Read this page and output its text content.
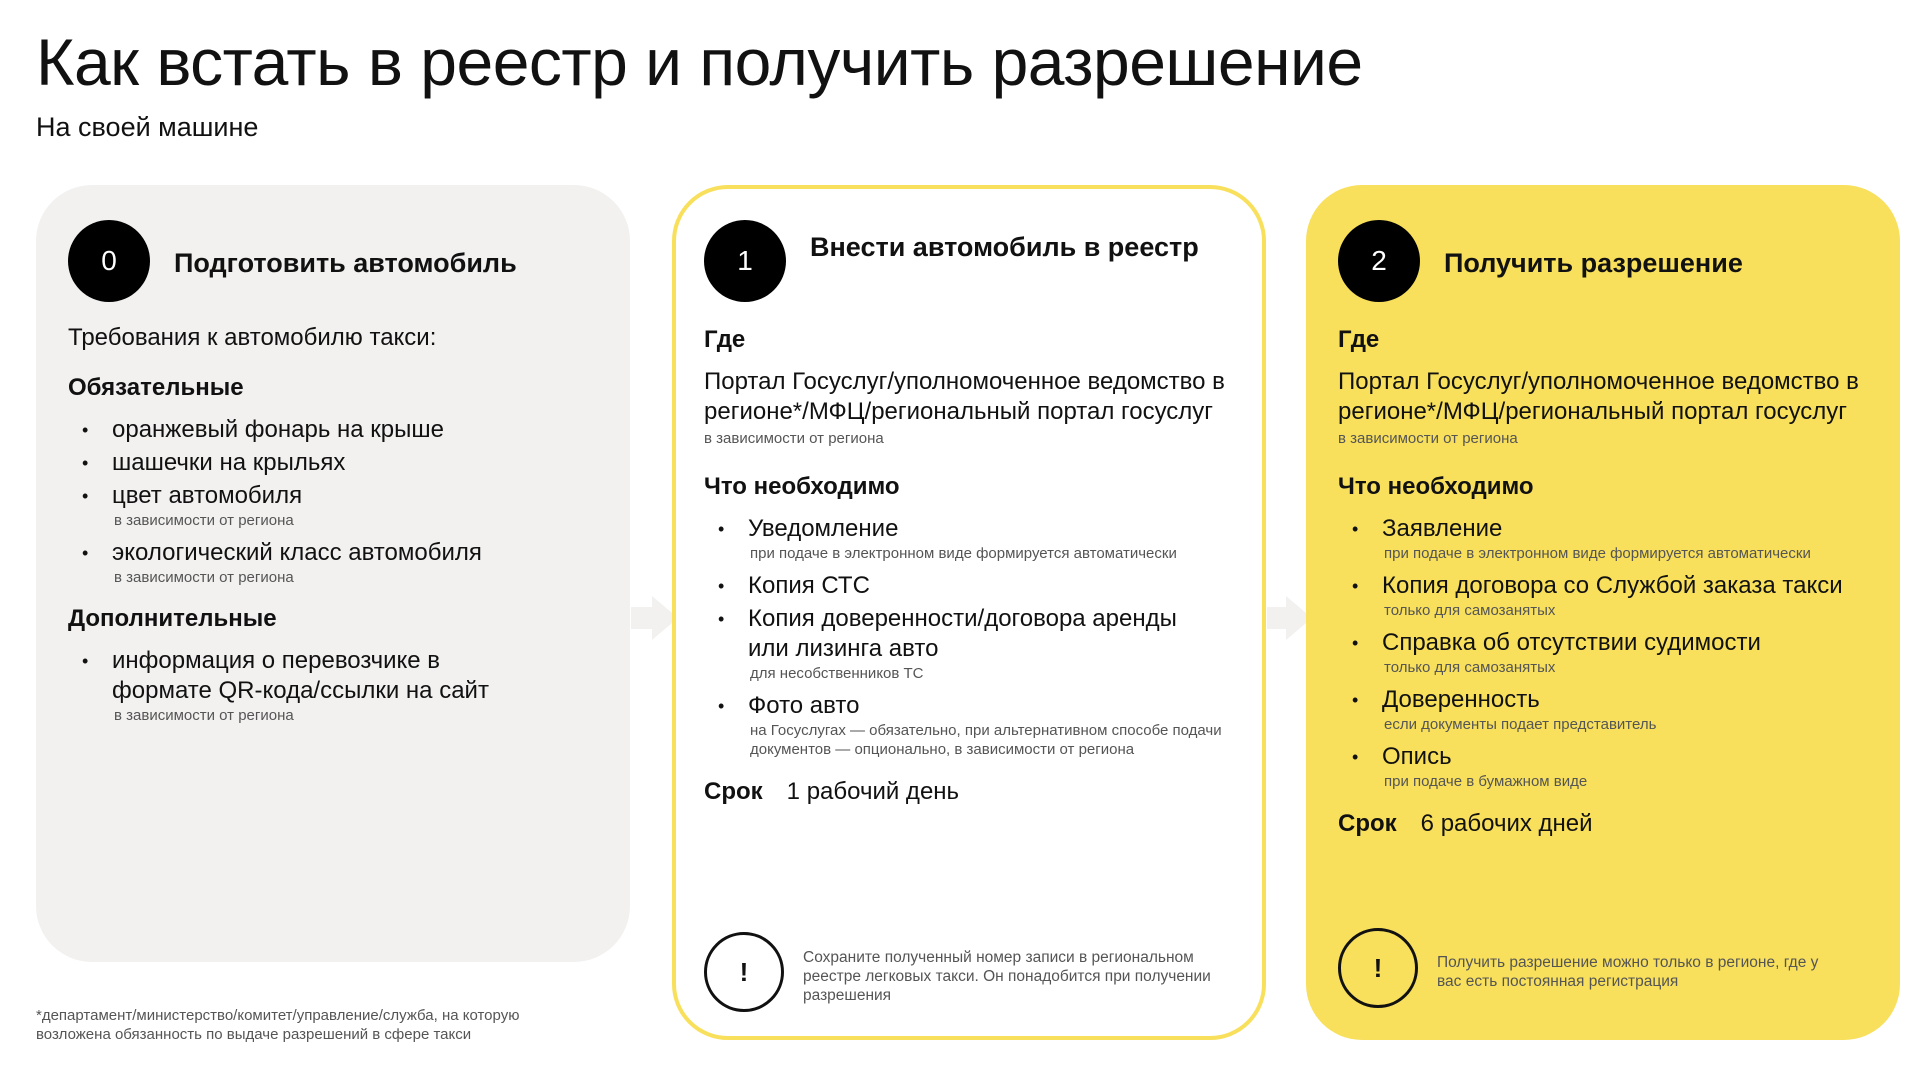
Как встать в реестр и получить разрешение
На своей машине
0	Подготовить автомобиль
Требования к автомобилю такси:
Обязательные
• оранжевый фонарь на крыше
• шашечки на крыльях
• цвет автомобиля
в зависимости от региона
• экологический класс автомобиля
в зависимости от региона
Дополнительные
• информация о перевозчике в формате QR-кода/ссылки на сайт
в зависимости от региона
1	Внести автомобиль в реестр
Где
Портал Госуслуг/уполномоченное ведомство в регионе*/МФЦ/региональный портал госуслуг
в зависимости от региона
Что необходимо
• Уведомление
при подаче в электронном виде формируется автоматически
• Копия СТС
• Копия доверенности/договора аренды или лизинга авто
для несобственников ТС
• Фото авто
на Госуслугах — обязательно, при альтернативном способе подачи документов — опционально, в зависимости от региона
Срок 1 рабочий день
!	Сохраните полученный номер записи в региональном реестре легковых такси. Он понадобится при получении разрешения
2	Получить разрешение
Где
Портал Госуслуг/уполномоченное ведомство в регионе*/МФЦ/региональный портал госуслуг
в зависимости от региона
Что необходимо
• Заявление
при подаче в электронном виде формируется автоматически
• Копия договора со Службой заказа такси
только для самозанятых
• Справка об отсутствии судимости
только для самозанятых
• Доверенность
если документы подает представитель
• Опись
при подаче в бумажном виде
Срок 6 рабочих дней
!	Получить разрешение можно только в регионе, где у вас есть постоянная регистрация
*департамент/министерство/комитет/управление/служба, на которую возложена обязанность по выдаче разрешений в сфере такси
